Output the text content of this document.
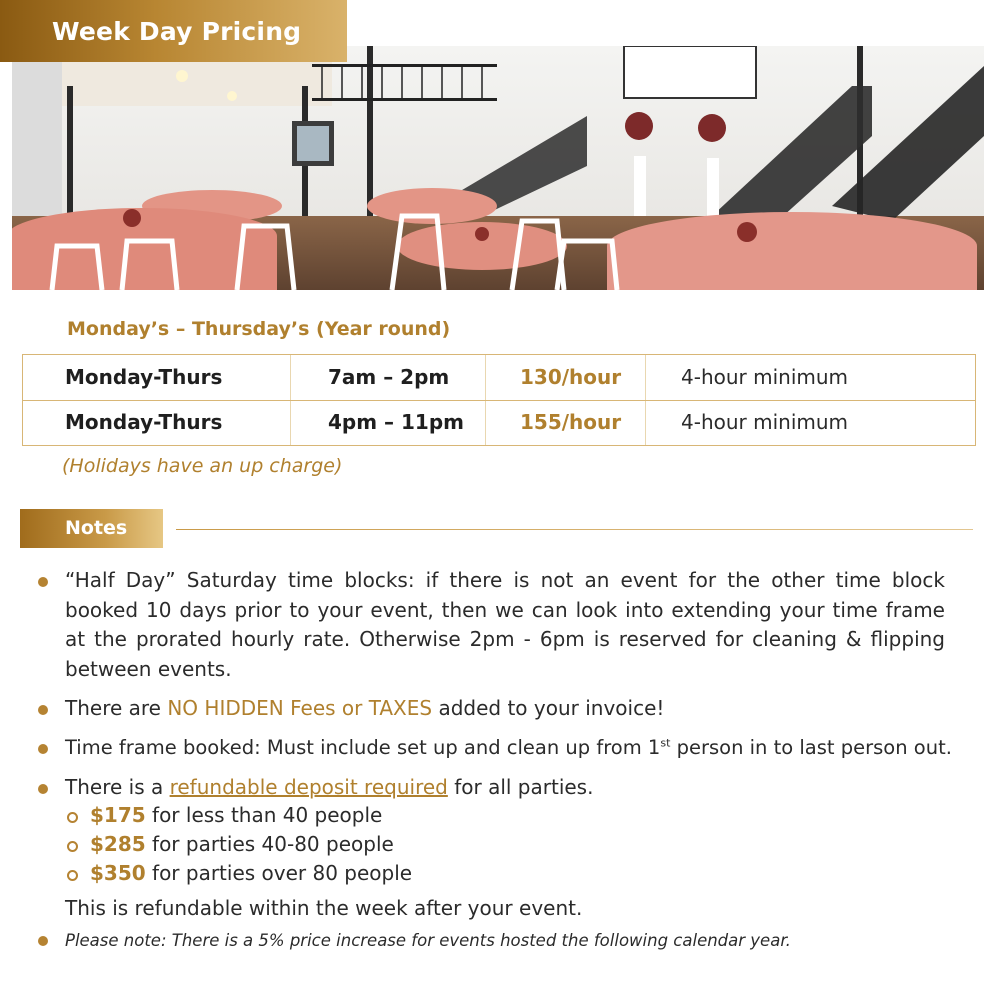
Week Day Pricing
Monday’s – Thursday’s (Year round)
Monday-Thurs	7am – 2pm	130/hour	4-hour minimum
Monday-Thurs	4pm – 11pm	155/hour	4-hour minimum
(Holidays have an up charge)
Notes
“Half Day” Saturday time blocks: if there is not an event for the other time block booked 10 days prior to your event, then we can look into extending your time frame at the prorated hourly rate. Otherwise 2pm - 6pm is reserved for cleaning & flipping between events.
There are NO HIDDEN Fees or TAXES added to your invoice!
Time frame booked: Must include set up and clean up from 1st person in to last person out.
There is a refundable deposit required for all parties.
$175 for less than 40 people
$285 for parties 40-80 people
$350 for parties over 80 people
This is refundable within the week after your event.
Please note: There is a 5% price increase for events hosted the following calendar year.
